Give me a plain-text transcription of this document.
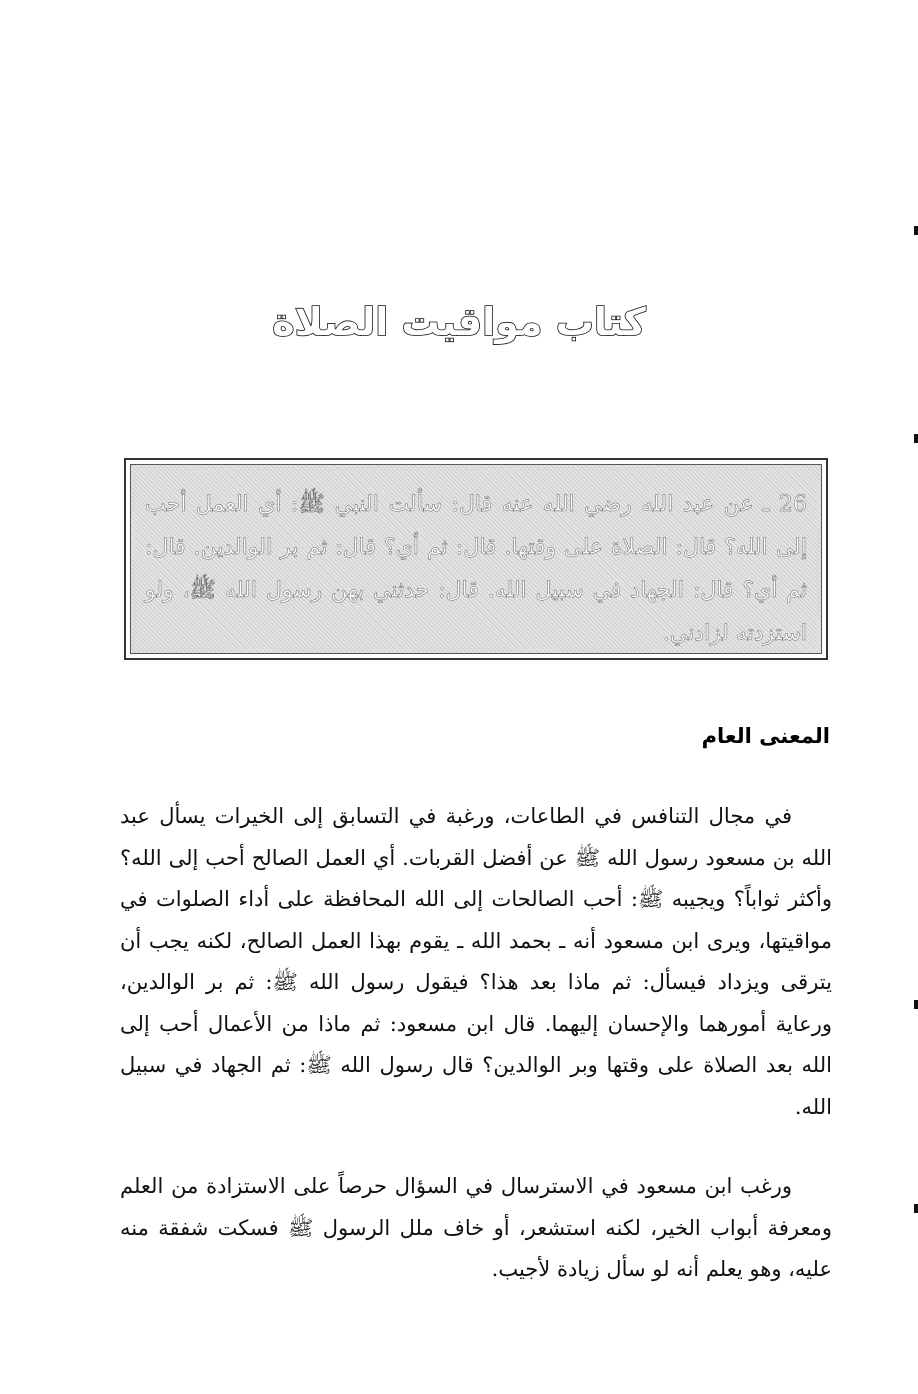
كتاب مواقيت الصلاة
26 ـ عن عبد الله رضي الله عنه قال: سألت النبي ﷺ: أي العمل أحب إلى الله؟ قال: الصلاة على وقتها. قال: ثم أي؟ قال: ثم بر الوالدين. قال: ثم أي؟ قال: الجهاد في سبيل الله. قال: حدثني بهن رسول الله ﷺ، ولو استزدته لزادني.
المعنى العام
في مجال التنافس في الطاعات، ورغبة في التسابق إلى الخيرات يسأل عبد الله بن مسعود رسول الله ﷺ عن أفضل القربات. أي العمل الصالح أحب إلى الله؟ وأكثر ثواباً؟ ويجيبه ﷺ: أحب الصالحات إلى الله المحافظة على أداء الصلوات في مواقيتها، ويرى ابن مسعود أنه ـ بحمد الله ـ يقوم بهذا العمل الصالح، لكنه يجب أن يترقى ويزداد فيسأل: ثم ماذا بعد هذا؟ فيقول رسول الله ﷺ: ثم بر الوالدين، ورعاية أمورهما والإحسان إليهما. قال ابن مسعود: ثم ماذا من الأعمال أحب إلى الله بعد الصلاة على وقتها وبر الوالدين؟ قال رسول الله ﷺ: ثم الجهاد في سبيل الله.
ورغب ابن مسعود في الاسترسال في السؤال حرصاً على الاستزادة من العلم ومعرفة أبواب الخير، لكنه استشعر، أو خاف ملل الرسول ﷺ فسكت شفقة منه عليه، وهو يعلم أنه لو سأل زيادة لأجيب.
